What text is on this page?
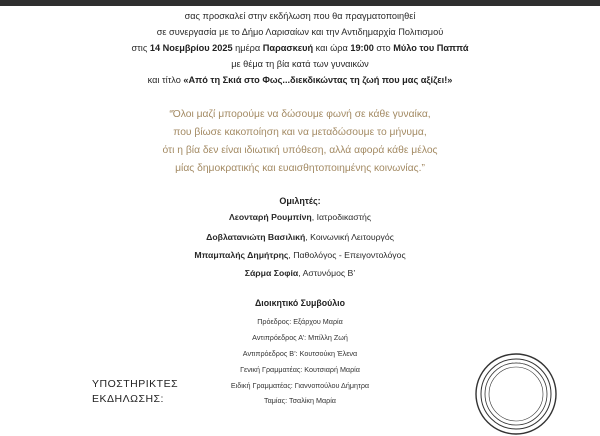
σας προσκαλεί στην εκδήλωση που θα πραγματοποιηθεί
σε συνεργασία με το Δήμο Λαρισαίων και την Αντιδημαρχία Πολιτισμού
στις 14 Νοεμβρίου 2025 ημέρα Παρασκευή και ώρα 19:00 στο Μύλο του Παππά
με θέμα τη βία κατά των γυναικών
και τίτλο «Από τη Σκιά στο Φως...διεκδικώντας τη ζωή που μας αξίζει!»
“Όλοι μαζί μπορούμε να δώσουμε φωνή σε κάθε γυναίκα,
που βίωσε κακοποίηση και να μεταδώσουμε το μήνυμα,
ότι η βία δεν είναι ιδιωτική υπόθεση, αλλά αφορά κάθε μέλος
μίας δημοκρατικής και ευαισθητοποιημένης κοινωνίας.”
Ομιλητές:
Λεονταρή Ρουμπίνη, Ιατροδικαστής
Δοβλατανιώτη Βασιλική, Κοινωνική Λειτουργός
Μπαμπαλής Δημήτρης, Παθολόγος - Επειγοντολόγος
Σάρμα Σοφία, Αστυνόμος Β’
Διοικητικό Συμβούλιο
Πρόεδρος: Εξάρχου Μαρία
Αντιπρόεδρος Α’: Μπίλλη Ζωή
Αντιπρόεδρος Β’: Κουτσούκη Έλενα
Γενική Γραμματέας: Κουτσιαρή Μαρία
Ειδική Γραμματέας: Γιαννοπούλου Δήμητρα
Ταμίας: Τσαλίκη Μαρία
ΥΠΟΣΤΗΡΙΚΤΕΣ
ΕΚΔΗΛΩΣΗΣ:
